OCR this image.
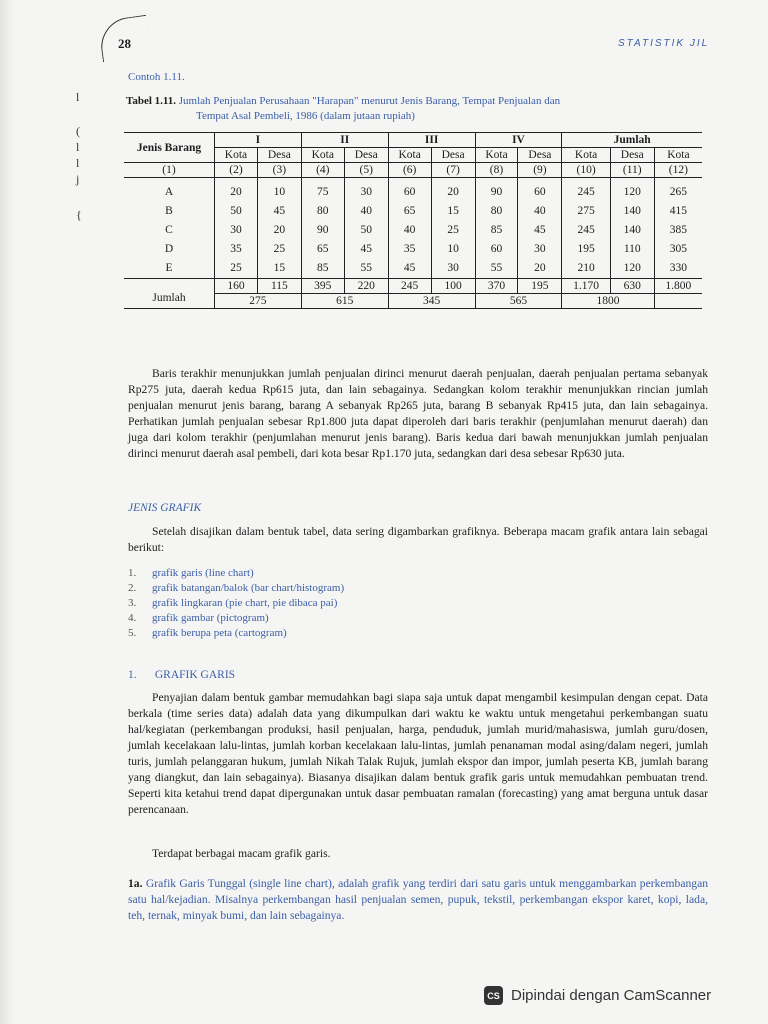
28	STATISTIK JIL
l
(
l
l
j
{
Contoh 1.11.
Tabel 1.11. Jumlah Penjualan Perusahaan "Harapan" menurut Jenis Barang, Tempat Penjualan dan
Tempat Asal Pembeli, 1986 (dalam jutaan rupiah)
Jenis Barang	I		II		III		IV		Jumlah		
	Kota	Desa	Kota	Desa	Kota	Desa	Kota	Desa	Kota	Desa	Kota
(1)	(2)	(3)	(4)	(5)	(6)	(7)	(8)	(9)	(10)	(11)	(12)
A	20	10	75	30	60	20	90	60	245	120	265
B	50	45	80	40	65	15	80	40	275	140	415
C	30	20	90	50	40	25	85	45	245	140	385
D	35	25	65	45	35	10	60	30	195	110	305
E	25	15	85	55	45	30	55	20	210	120	330
Jumlah	160	115	395	220	245	100	370	195	1.170	630	1.800
	275		615		345		565		1800		
Baris terakhir menunjukkan jumlah penjualan dirinci menurut daerah penjualan, daerah penjualan pertama sebanyak Rp275 juta, daerah kedua Rp615 juta, dan lain sebagainya. Sedangkan kolom terakhir menunjukkan rincian jumlah penjualan menurut jenis barang, barang A sebanyak Rp265 juta, barang B sebanyak Rp415 juta, dan lain sebagainya. Perhatikan jumlah penjualan sebesar Rp1.800 juta dapat diperoleh dari baris terakhir (penjumlahan menurut daerah) dan juga dari kolom terakhir (penjumlahan menurut jenis barang). Baris kedua dari bawah menunjukkan jumlah penjualan dirinci menurut daerah asal pembeli, dari kota besar Rp1.170 juta, sedangkan dari desa sebesar Rp630 juta.
JENIS GRAFIK
Setelah disajikan dalam bentuk tabel, data sering digambarkan grafiknya. Beberapa macam grafik antara lain sebagai berikut:
1. grafik garis (line chart)
2. grafik batangan/balok (bar chart/histogram)
3. grafik lingkaran (pie chart, pie dibaca pai)
4. grafik gambar (pictogram)
5. grafik berupa peta (cartogram)
1. GRAFIK GARIS
Penyajian dalam bentuk gambar memudahkan bagi siapa saja untuk dapat mengambil kesimpulan dengan cepat. Data berkala (time series data) adalah data yang dikumpulkan dari waktu ke waktu untuk mengetahui perkembangan suatu hal/kegiatan (perkembangan produksi, hasil penjualan, harga, penduduk, jumlah murid/mahasiswa, jumlah guru/dosen, jumlah kecelakaan lalu-lintas, jumlah korban kecelakaan lalu-lintas, jumlah penanaman modal asing/dalam negeri, jumlah turis, jumlah pelanggaran hukum, jumlah Nikah Talak Rujuk, jumlah ekspor dan impor, jumlah peserta KB, jumlah barang yang diangkut, dan lain sebagainya). Biasanya disajikan dalam bentuk grafik garis untuk memudahkan pembuatan trend. Seperti kita ketahui trend dapat dipergunakan untuk dasar pembuatan ramalan (forecasting) yang amat berguna untuk dasar perencanaan.
Terdapat berbagai macam grafik garis.
1a. Grafik Garis Tunggal (single line chart), adalah grafik yang terdiri dari satu garis untuk menggambarkan perkembangan satu hal/kejadian. Misalnya perkembangan hasil penjualan semen, pupuk, tekstil, perkembangan ekspor karet, kopi, lada, teh, ternak, minyak bumi, dan lain sebagainya.
CS Dipindai dengan CamScanner
